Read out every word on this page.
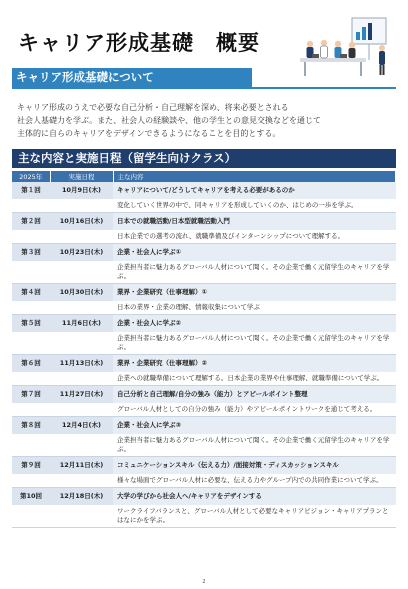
キャリア形成基礎　概要
キャリア形成基礎について
キャリア形成のうえで必要な自己分析・自己理解を深め、将来必要とされる
社会人基礎力を学ぶ。また、社会人の経験談や、他の学生との意見交換などを通じて
主体的に自らのキャリアをデザインできるようになることを目的とする。
主な内容と実施日程（留学生向けクラス）
2025年	実施日程	主な内容
第１回	10月9日(木)	キャリアについて/どうしてキャリアを考える必要があるのか
		変化していく世界の中で、同キャリアを形成していくのか、はじめの一歩を学ぶ。
第２回	10月16日(木)	日本での就職活動/日本型就職活動入門
		日本企業での選考の流れ、就職準備及びインターンシップについて理解する。
第３回	10月23日(木)	企業・社会人に学ぶ①
		企業担当者に魅力あるグローバル人材について聞く。その企業で働く元留学生のキャリアを学ぶ。
第４回	10月30日(木)	業界・企業研究（仕事理解）①
		日本の業界・企業の理解、情報収集について学ぶ
第５回	11月6日(木)	企業・社会人に学ぶ②
		企業担当者に魅力あるグローバル人材について聞く。その企業で働く元留学生のキャリアを学ぶ。
第６回	11月13日(木)	業界・企業研究（仕事理解）②
		企業への就職準備について理解する。日本企業の業界や仕事理解、就職準備について学ぶ。
第７回	11月27日(木)	自己分析と自己理解/自分の強み（能力）とアピールポイント整理
		グローバル人材としての自分の強み（能力）やアピールポイントワークを通じて考える。
第８回	12月4日(木)	企業・社会人に学ぶ③
		企業担当者に魅力あるグローバル人材について聞く。その企業で働く元留学生のキャリアを学ぶ。
第９回	12月11日(木)	コミュニケーションスキル（伝える力）/面接対策・ディスカッションスキル
		様々な場面でグローバル人材に必要な、伝える力やグループ内での共同作業について学ぶ。
第10回	12月18日(木)	大学の学びから社会人へ/キャリアをデザインする
		ワークライフバランスと、グローバル人材として必要なキャリアビジョン・キャリアプランとはなにかを学ぶ。
2
